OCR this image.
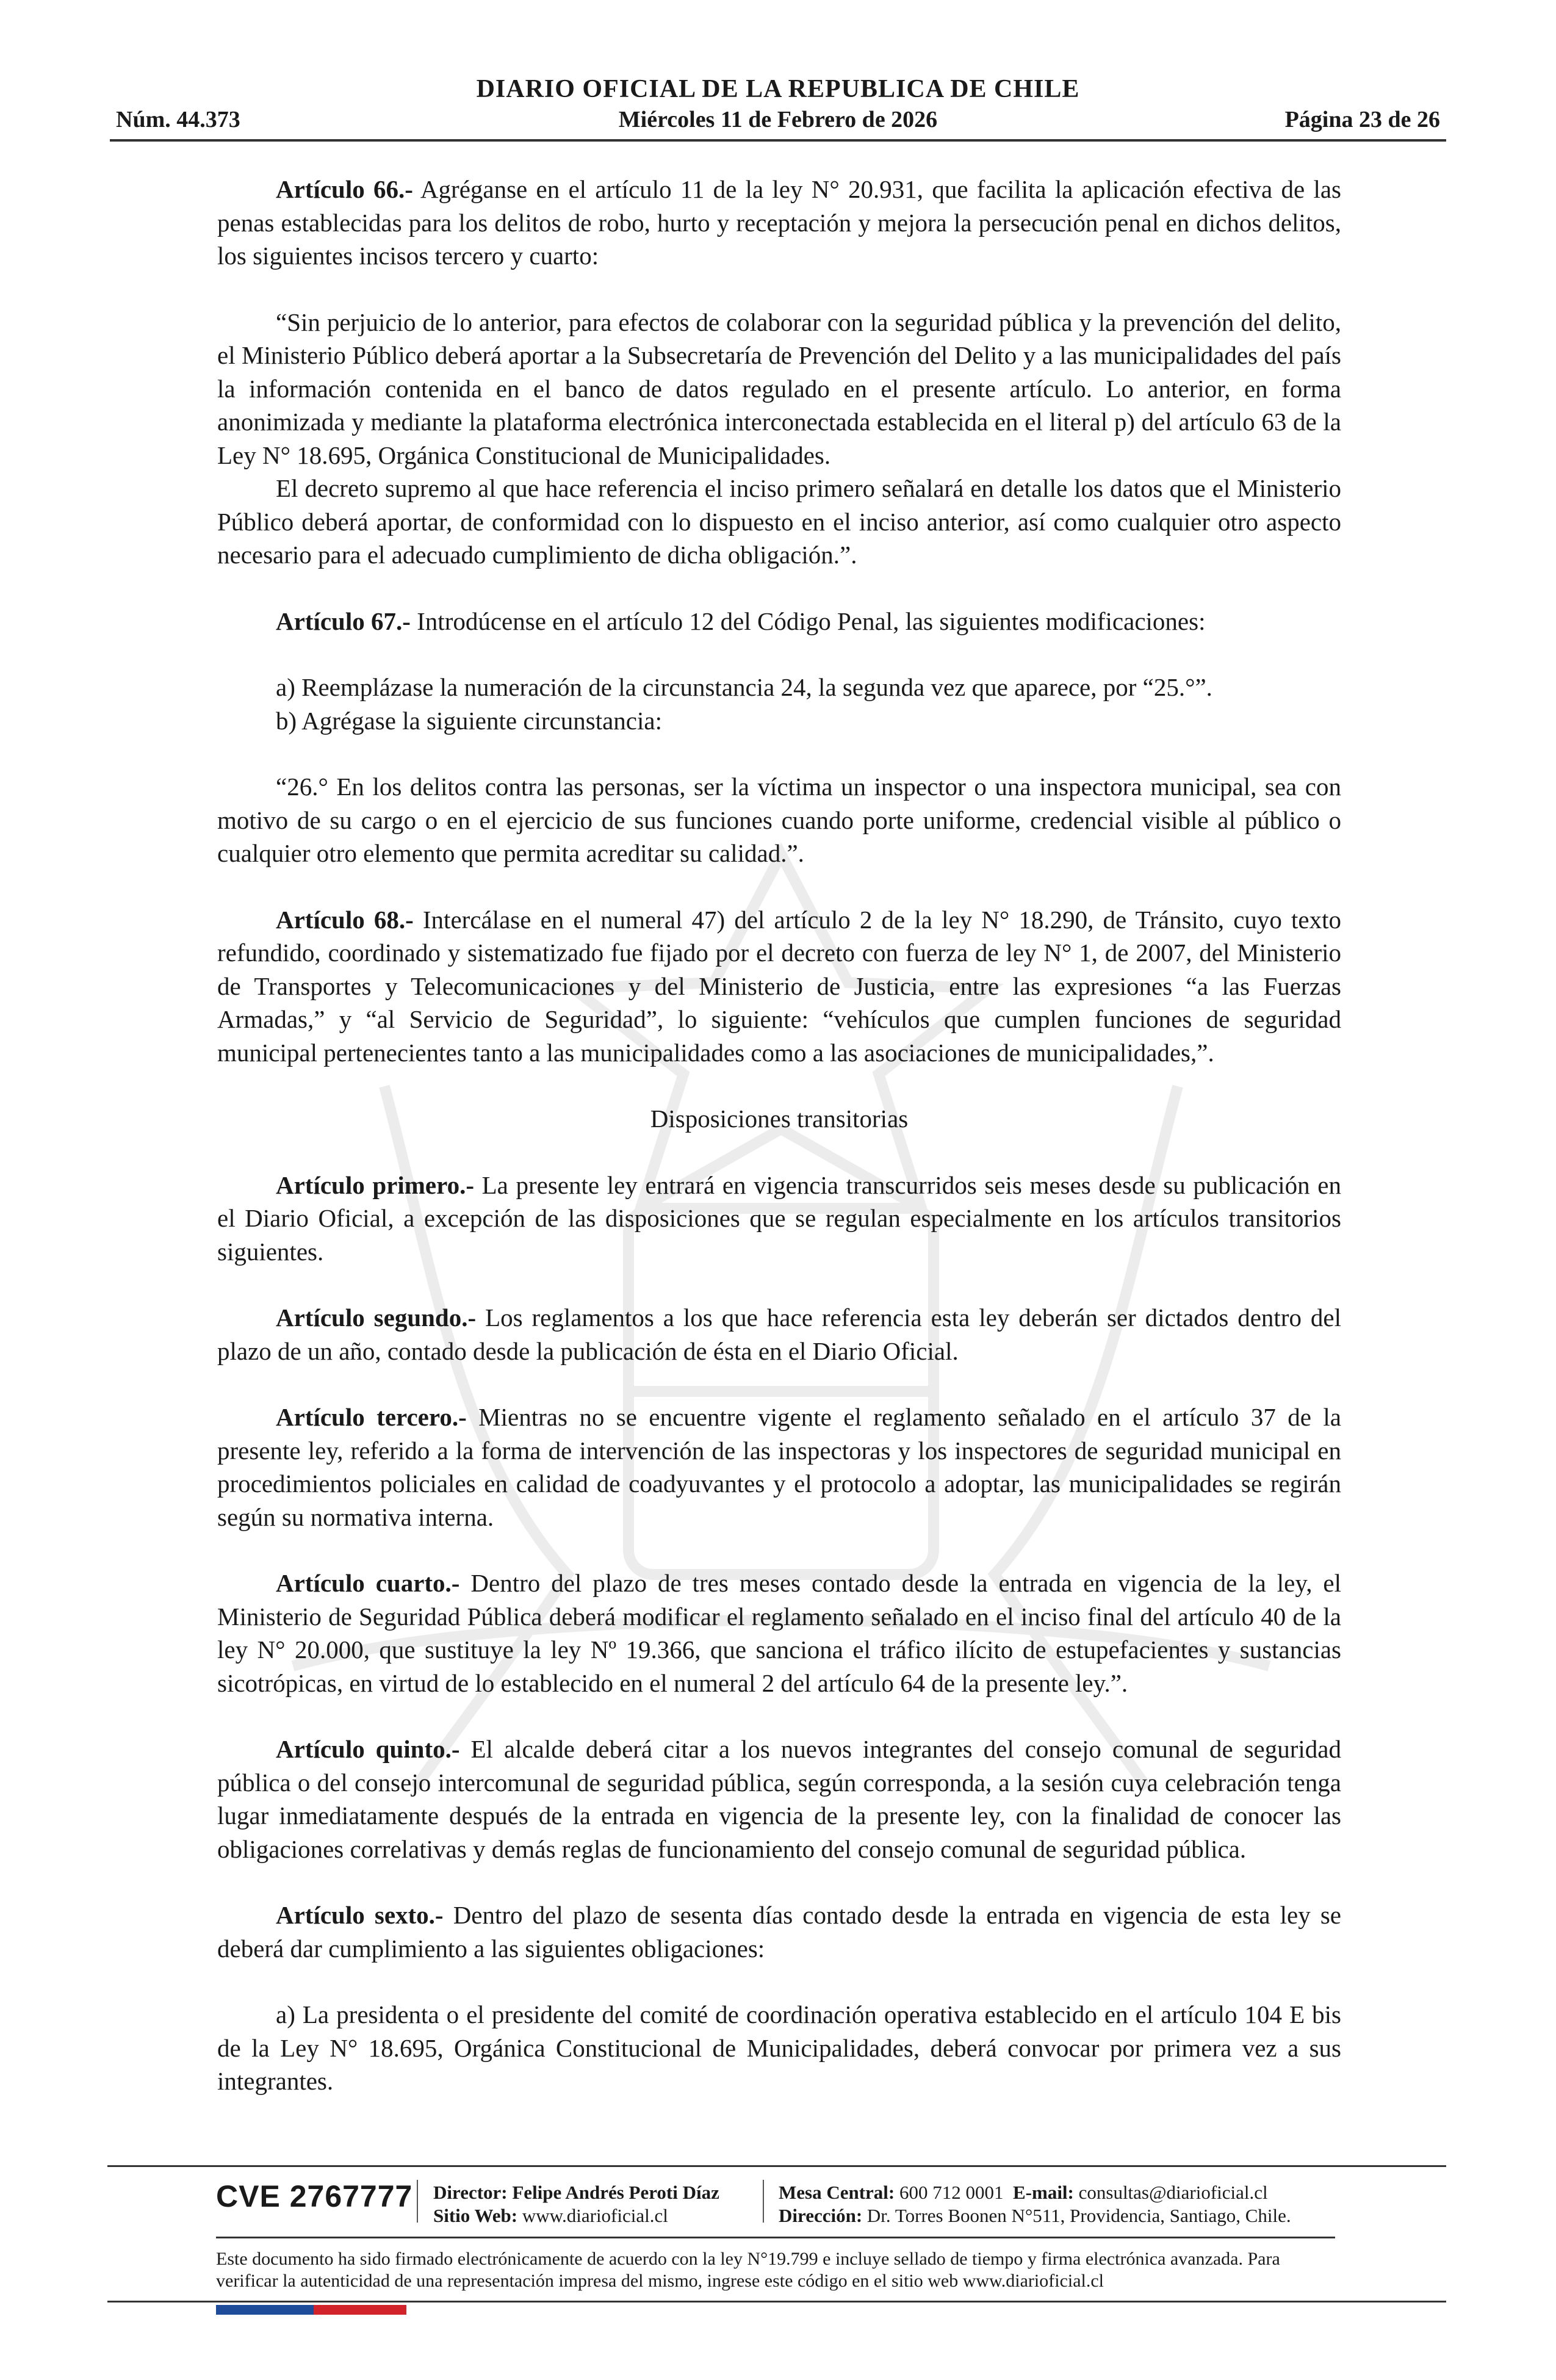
DIARIO OFICIAL DE LA REPUBLICA DE CHILE
Núm. 44.373	Miércoles 11 de Febrero de 2026	Página 23 de 26

Artículo 66.- Agréganse en el artículo 11 de la ley N° 20.931, que facilita la aplicación efectiva de las penas establecidas para los delitos de robo, hurto y receptación y mejora la persecución penal en dichos delitos, los siguientes incisos tercero y cuarto:

“Sin perjuicio de lo anterior, para efectos de colaborar con la seguridad pública y la prevención del delito, el Ministerio Público deberá aportar a la Subsecretaría de Prevención del Delito y a las municipalidades del país la información contenida en el banco de datos regulado en el presente artículo. Lo anterior, en forma anonimizada y mediante la plataforma electrónica interconectada establecida en el literal p) del artículo 63 de la Ley N° 18.695, Orgánica Constitucional de Municipalidades.

El decreto supremo al que hace referencia el inciso primero señalará en detalle los datos que el Ministerio Público deberá aportar, de conformidad con lo dispuesto en el inciso anterior, así como cualquier otro aspecto necesario para el adecuado cumplimiento de dicha obligación.”.

Artículo 67.- Introdúcense en el artículo 12 del Código Penal, las siguientes modificaciones:

a) Reemplázase la numeración de la circunstancia 24, la segunda vez que aparece, por “25.°”.

b) Agrégase la siguiente circunstancia:

“26.° En los delitos contra las personas, ser la víctima un inspector o una inspectora municipal, sea con motivo de su cargo o en el ejercicio de sus funciones cuando porte uniforme, credencial visible al público o cualquier otro elemento que permita acreditar su calidad.”.

Artículo 68.- Intercálase en el numeral 47) del artículo 2 de la ley N° 18.290, de Tránsito, cuyo texto refundido, coordinado y sistematizado fue fijado por el decreto con fuerza de ley N° 1, de 2007, del Ministerio de Transportes y Telecomunicaciones y del Ministerio de Justicia, entre las expresiones “a las Fuerzas Armadas,” y “al Servicio de Seguridad”, lo siguiente: “vehículos que cumplen funciones de seguridad municipal pertenecientes tanto a las municipalidades como a las asociaciones de municipalidades,”.

Disposiciones transitorias

Artículo primero.- La presente ley entrará en vigencia transcurridos seis meses desde su publicación en el Diario Oficial, a excepción de las disposiciones que se regulan especialmente en los artículos transitorios siguientes.

Artículo segundo.- Los reglamentos a los que hace referencia esta ley deberán ser dictados dentro del plazo de un año, contado desde la publicación de ésta en el Diario Oficial.

Artículo tercero.- Mientras no se encuentre vigente el reglamento señalado en el artículo 37 de la presente ley, referido a la forma de intervención de las inspectoras y los inspectores de seguridad municipal en procedimientos policiales en calidad de coadyuvantes y el protocolo a adoptar, las municipalidades se regirán según su normativa interna.

Artículo cuarto.- Dentro del plazo de tres meses contado desde la entrada en vigencia de la ley, el Ministerio de Seguridad Pública deberá modificar el reglamento señalado en el inciso final del artículo 40 de la ley N° 20.000, que sustituye la ley Nº 19.366, que sanciona el tráfico ilícito de estupefacientes y sustancias sicotrópicas, en virtud de lo establecido en el numeral 2 del artículo 64 de la presente ley.”.

Artículo quinto.- El alcalde deberá citar a los nuevos integrantes del consejo comunal de seguridad pública o del consejo intercomunal de seguridad pública, según corresponda, a la sesión cuya celebración tenga lugar inmediatamente después de la entrada en vigencia de la presente ley, con la finalidad de conocer las obligaciones correlativas y demás reglas de funcionamiento del consejo comunal de seguridad pública.

Artículo sexto.- Dentro del plazo de sesenta días contado desde la entrada en vigencia de esta ley se deberá dar cumplimiento a las siguientes obligaciones:

a) La presidenta o el presidente del comité de coordinación operativa establecido en el artículo 104 E bis de la Ley N° 18.695, Orgánica Constitucional de Municipalidades, deberá convocar por primera vez a sus integrantes.

CVE 2767777 Director: Felipe Andrés Peroti Díaz
Sitio Web: www.diarioficial.cl
Mesa Central: 600 712 0001 E-mail: consultas@diarioficial.cl
Dirección: Dr. Torres Boonen N°511, Providencia, Santiago, Chile.
Este documento ha sido firmado electrónicamente de acuerdo con la ley N°19.799 e incluye sellado de tiempo y firma electrónica avanzada. Para verificar la autenticidad de una representación impresa del mismo, ingrese este código en el sitio web www.diarioficial.cl
